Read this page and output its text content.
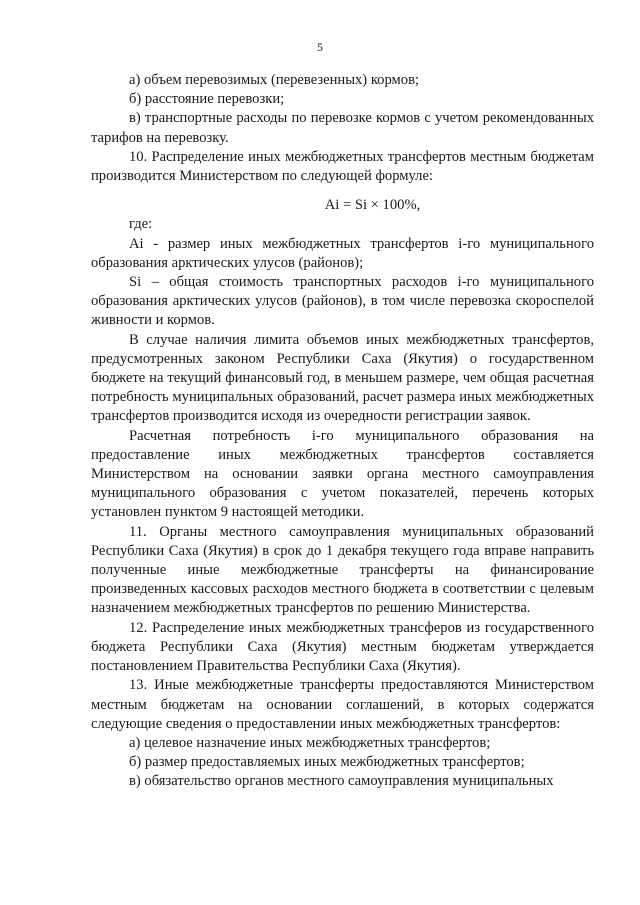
5

а) объем перевозимых (перевезенных) кормов;

б) расстояние перевозки;

в) транспортные расходы по перевозке кормов с учетом рекомендованных тарифов на перевозку.

10. Распределение иных межбюджетных трансфертов местным бюджетам производится Министерством по следующей формуле:

Ai = Si × 100%,

где:

Ai - размер иных межбюджетных трансфертов i-го муниципального образования арктических улусов (районов);

Si – общая стоимость транспортных расходов i-го муниципального образования арктических улусов (районов), в том числе перевозка скороспелой живности и кормов.

В случае наличия лимита объемов иных межбюджетных трансфертов, предусмотренных законом Республики Саха (Якутия) о государственном бюджете на текущий финансовый год, в меньшем размере, чем общая расчетная потребность муниципальных образований, расчет размера иных межбюджетных трансфертов производится исходя из очередности регистрации заявок.

Расчетная потребность i-го муниципального образования на предоставление иных межбюджетных трансфертов составляется Министерством на основании заявки органа местного самоуправления муниципального образования с учетом показателей, перечень которых установлен пунктом 9 настоящей методики.

11. Органы местного самоуправления муниципальных образований Республики Саха (Якутия) в срок до 1 декабря текущего года вправе направить полученные иные межбюджетные трансферты на финансирование произведенных кассовых расходов местного бюджета в соответствии с целевым назначением межбюджетных трансфертов по решению Министерства.

12. Распределение иных межбюджетных трансферов из государственного бюджета Республики Саха (Якутия) местным бюджетам утверждается постановлением Правительства Республики Саха (Якутия).

13. Иные межбюджетные трансферты предоставляются Министерством местным бюджетам на основании соглашений, в которых содержатся следующие сведения о предоставлении иных межбюджетных трансфертов:

а) целевое назначение иных межбюджетных трансфертов;

б) размер предоставляемых иных межбюджетных трансфертов;

в) обязательство органов местного самоуправления муниципальных
